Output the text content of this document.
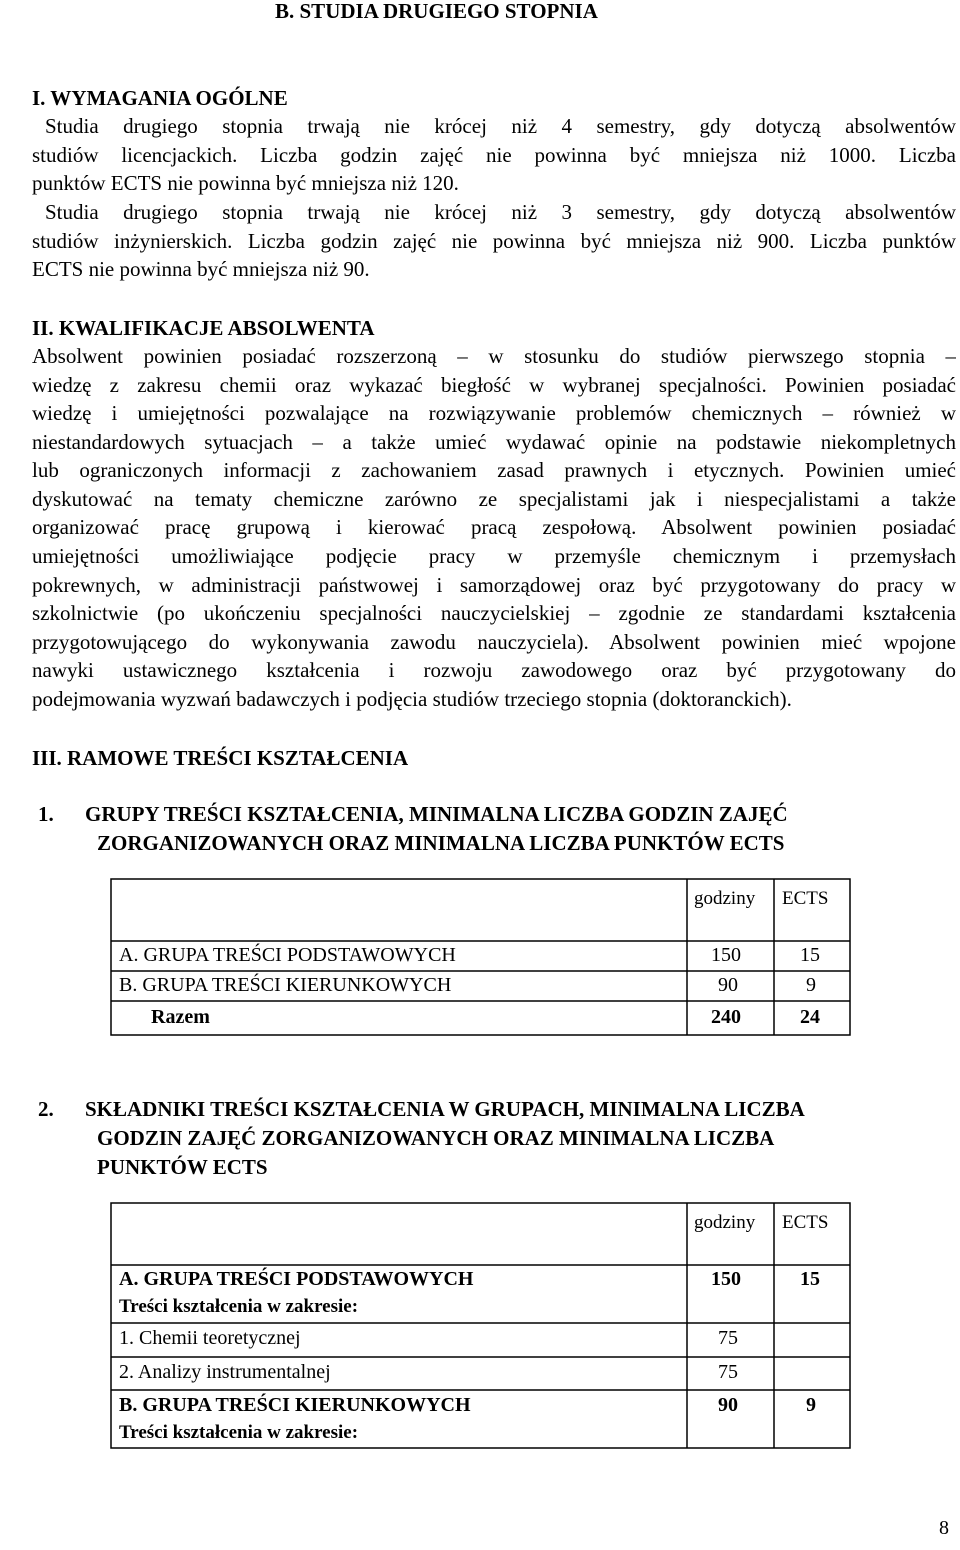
B. STUDIA DRUGIEGO STOPNIA
I. WYMAGANIA OGÓLNE
Studia drugiego stopnia trwają nie krócej niż 4 semestry, gdy dotyczą absolwentów
studiów licencjackich. Liczba godzin zajęć nie powinna być mniejsza niż 1000. Liczba
punktów ECTS nie powinna być mniejsza niż 120.
Studia drugiego stopnia trwają nie krócej niż 3 semestry, gdy dotyczą absolwentów
studiów inżynierskich. Liczba godzin zajęć nie powinna być mniejsza niż 900. Liczba punktów
ECTS nie powinna być mniejsza niż 90.
II. KWALIFIKACJE ABSOLWENTA
Absolwent powinien posiadać rozszerzoną – w stosunku do studiów pierwszego stopnia –
wiedzę z zakresu chemii oraz wykazać biegłość w wybranej specjalności. Powinien posiadać
wiedzę i umiejętności pozwalające na rozwiązywanie problemów chemicznych – również w
niestandardowych sytuacjach – a także umieć wydawać opinie na podstawie niekompletnych
lub ograniczonych informacji z zachowaniem zasad prawnych i etycznych. Powinien umieć
dyskutować na tematy chemiczne zarówno ze specjalistami jak i niespecjalistami a także
organizować pracę grupową i kierować pracą zespołową. Absolwent powinien posiadać
umiejętności umożliwiające podjęcie pracy w przemyśle chemicznym i przemysłach
pokrewnych, w administracji państwowej i samorządowej oraz być przygotowany do pracy w
szkolnictwie (po ukończeniu specjalności nauczycielskiej – zgodnie ze standardami kształcenia
przygotowującego do wykonywania zawodu nauczyciela). Absolwent powinien mieć wpojone
nawyki ustawicznego kształcenia i rozwoju zawodowego oraz być przygotowany do
podejmowania wyzwań badawczych i podjęcia studiów trzeciego stopnia (doktoranckich).
III. RAMOWE TREŚCI KSZTAŁCENIA
1. GRUPY TREŚCI KSZTAŁCENIA, MINIMALNA LICZBA GODZIN ZAJĘĆ
ZORGANIZOWANYCH ORAZ MINIMALNA LICZBA PUNKTÓW ECTS
godziny ECTS
A. GRUPA TREŚCI PODSTAWOWYCH	150	15
B. GRUPA TREŚCI KIERUNKOWYCH	90	9
Razem	240	24
2. SKŁADNIKI TREŚCI KSZTAŁCENIA W GRUPACH, MINIMALNA LICZBA
GODZIN ZAJĘĆ ZORGANIZOWANYCH ORAZ MINIMALNA LICZBA
PUNKTÓW ECTS
godziny ECTS
A. GRUPA TREŚCI PODSTAWOWYCH
Treści kształcenia w zakresie:
150	15
1. Chemii teoretycznej	75
2. Analizy instrumentalnej	75
B. GRUPA TREŚCI KIERUNKOWYCH
Treści kształcenia w zakresie:
90	9
8
